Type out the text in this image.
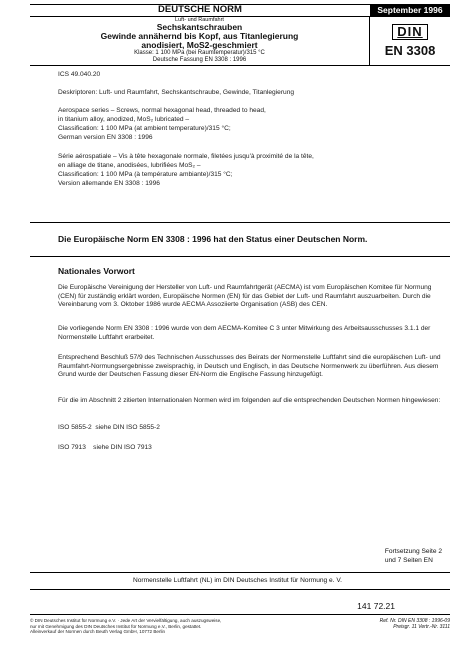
DEUTSCHE NORM	September 1996
Luft- und Raumfahrt
Sechskantschrauben
Gewinde annähernd bis Kopf, aus Titanlegierung
anodisiert, MoS2-geschmiert
Klasse: 1 100 MPa (bei Raumtemperatur)/315 °C
Deutsche Fassung EN 3308 : 1996
DIN
EN 3308
ICS 49.040.20
Deskriptoren: Luft- und Raumfahrt, Sechskantschraube, Gewinde, Titanlegierung
Aerospace series – Screws, normal hexagonal head, threaded to head,
in titanium alloy, anodized, MoS₂ lubricated –
Classification: 1 100 MPa (at ambient temperature)/315 °C;
German version EN 3308 : 1996
Série aérospatiale – Vis à tête hexagonale normale, filetées jusqu'à proximité de la tête,
en alliage de titane, anodisées, lubrifiées MoS₂ –
Classification: 1 100 MPa (à température ambiante)/315 °C;
Version allemande EN 3308 : 1996
Die Europäische Norm EN 3308 : 1996 hat den Status einer Deutschen Norm.
Nationales Vorwort
Die Europäische Vereinigung der Hersteller von Luft- und Raumfahrtgerät (AECMA) ist vom Europäischen Komitee für Normung (CEN) für zuständig erklärt worden, Europäische Normen (EN) für das Gebiet der Luft- und Raumfahrt auszuarbeiten. Durch die Vereinbarung vom 3. Oktober 1986 wurde AECMA Assoziierte Organisation (ASB) des CEN.
Die vorliegende Norm EN 3308 : 1996 wurde von dem AECMA-Komitee C 3 unter Mitwirkung des Arbeitsausschusses 3.1.1 der Normenstelle Luftfahrt erarbeitet.
Entsprechend Beschluß 57/9 des Technischen Ausschusses des Beirats der Normenstelle Luftfahrt sind die europäischen Luft- und Raumfahrt-Normungsergebnisse zweisprachig, in Deutsch und Englisch, in das Deutsche Normenwerk zu überführen. Aus diesem Grund wurde der Deutschen Fassung dieser EN-Norm die Englische Fassung hinzugefügt.
Für die im Abschnitt 2 zitierten Internationalen Normen wird im folgenden auf die entsprechenden Deutschen Normen hingewiesen:
ISO 5855-2  siehe DIN ISO 5855-2
ISO 7913    siehe DIN ISO 7913
Fortsetzung Seite 2
und 7 Seiten EN
Normenstelle Luftfahrt (NL) im DIN Deutsches Institut für Normung e. V.
141 72.21
© DIN Deutsches Institut für Normung e.V. · Jede Art der Vervielfältigung, auch auszugsweise,
nur mit Genehmigung des DIN Deutsches Institut für Normung e.V., Berlin, gestattet.
Alleinverkauf der Normen durch Beuth Verlag GmbH, 10772 Berlin
Ref. Nr. DIN EN 3308 : 1996-09
Preisgr. 11 Vertr.-Nr. 3111
